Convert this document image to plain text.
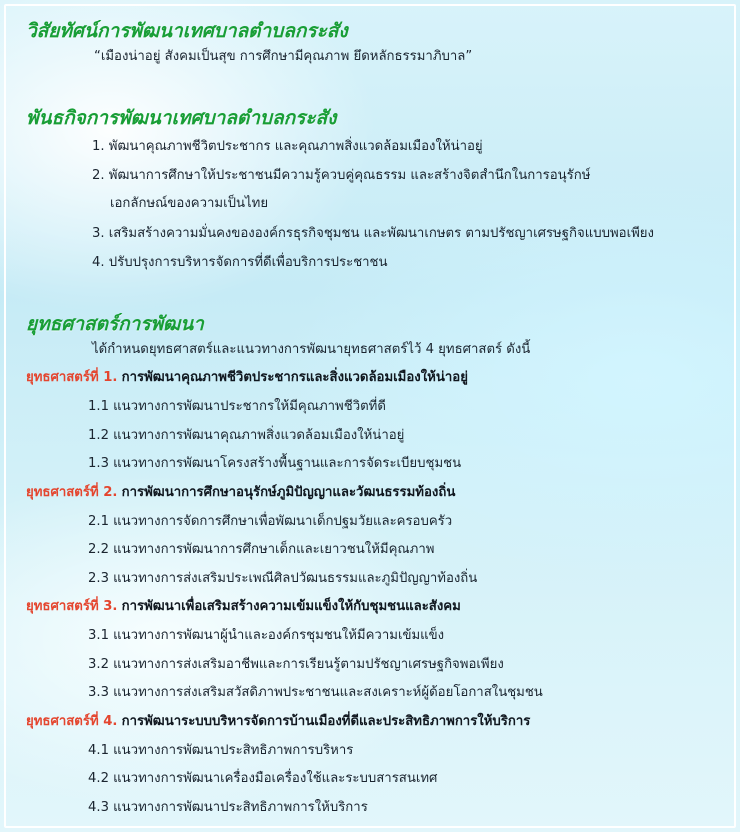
วิสัยทัศน์การพัฒนาเทศบาลตำบลกระสัง
“เมืองน่าอยู่ สังคมเป็นสุข การศึกษามีคุณภาพ ยึดหลักธรรมาภิบาล”
พันธกิจการพัฒนาเทศบาลตำบลกระสัง
1. พัฒนาคุณภาพชีวิตประชากร และคุณภาพสิ่งแวดล้อมเมืองให้น่าอยู่
2. พัฒนาการศึกษาให้ประชาชนมีความรู้ควบคู่คุณธรรม และสร้างจิตสำนึกในการอนุรักษ์
เอกลักษณ์ของความเป็นไทย
3. เสริมสร้างความมั่นคงขององค์กรธุรกิจชุมชน และพัฒนาเกษตร ตามปรัชญาเศรษฐกิจแบบพอเพียง
4. ปรับปรุงการบริหารจัดการที่ดีเพื่อบริการประชาชน
ยุทธศาสตร์การพัฒนา
ได้กำหนดยุทธศาสตร์และแนวทางการพัฒนายุทธศาสตร์ไว้ 4 ยุทธศาสตร์ ดังนี้
ยุทธศาสตร์ที่ 1. การพัฒนาคุณภาพชีวิตประชากรและสิ่งแวดล้อมเมืองให้น่าอยู่
1.1 แนวทางการพัฒนาประชากรให้มีคุณภาพชีวิตที่ดี
1.2 แนวทางการพัฒนาคุณภาพสิ่งแวดล้อมเมืองให้น่าอยู่
1.3 แนวทางการพัฒนาโครงสร้างพื้นฐานและการจัดระเบียบชุมชน
ยุทธศาสตร์ที่ 2. การพัฒนาการศึกษาอนุรักษ์ภูมิปัญญาและวัฒนธรรมท้องถิ่น
2.1 แนวทางการจัดการศึกษาเพื่อพัฒนาเด็กปฐมวัยและครอบครัว
2.2 แนวทางการพัฒนาการศึกษาเด็กและเยาวชนให้มีคุณภาพ
2.3 แนวทางการส่งเสริมประเพณีศิลปวัฒนธรรมและภูมิปัญญาท้องถิ่น
ยุทธศาสตร์ที่ 3. การพัฒนาเพื่อเสริมสร้างความเข้มแข็งให้กับชุมชนและสังคม
3.1 แนวทางการพัฒนาผู้นำและองค์กรชุมชนให้มีความเข้มแข็ง
3.2 แนวทางการส่งเสริมอาชีพและการเรียนรู้ตามปรัชญาเศรษฐกิจพอเพียง
3.3 แนวทางการส่งเสริมสวัสดิภาพประชาชนและสงเคราะห์ผู้ด้อยโอกาสในชุมชน
ยุทธศาสตร์ที่ 4. การพัฒนาระบบบริหารจัดการบ้านเมืองที่ดีและประสิทธิภาพการให้บริการ
4.1 แนวทางการพัฒนาประสิทธิภาพการบริหาร
4.2 แนวทางการพัฒนาเครื่องมือเครื่องใช้และระบบสารสนเทศ
4.3 แนวทางการพัฒนาประสิทธิภาพการให้บริการ
